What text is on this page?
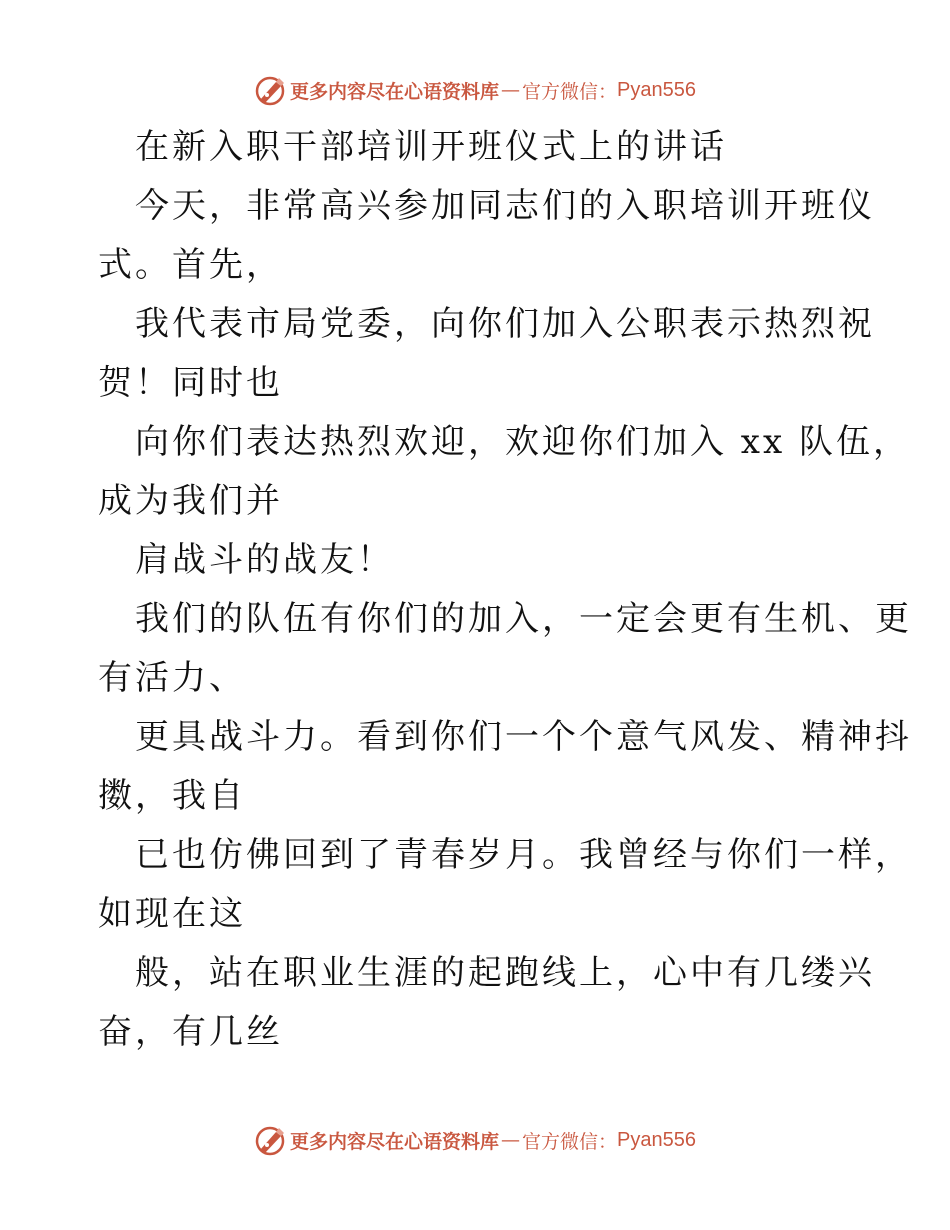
更多内容尽在心语资料库 — 官方微信： Pyan556
在新入职干部培训开班仪式上的讲话
今天，非常高兴参加同志们的入职培训开班仪
式。首先，
我代表市局党委，向你们加入公职表示热烈祝
贺！同时也
向你们表达热烈欢迎，欢迎你们加入 xx 队伍，
成为我们并
肩战斗的战友！
我们的队伍有你们的加入，一定会更有生机、更
有活力、
更具战斗力。看到你们一个个意气风发、精神抖
擞，我自
已也仿佛回到了青春岁月。我曾经与你们一样，
如现在这
般，站在职业生涯的起跑线上，心中有几缕兴
奋，有几丝
更多内容尽在心语资料库 — 官方微信： Pyan556
